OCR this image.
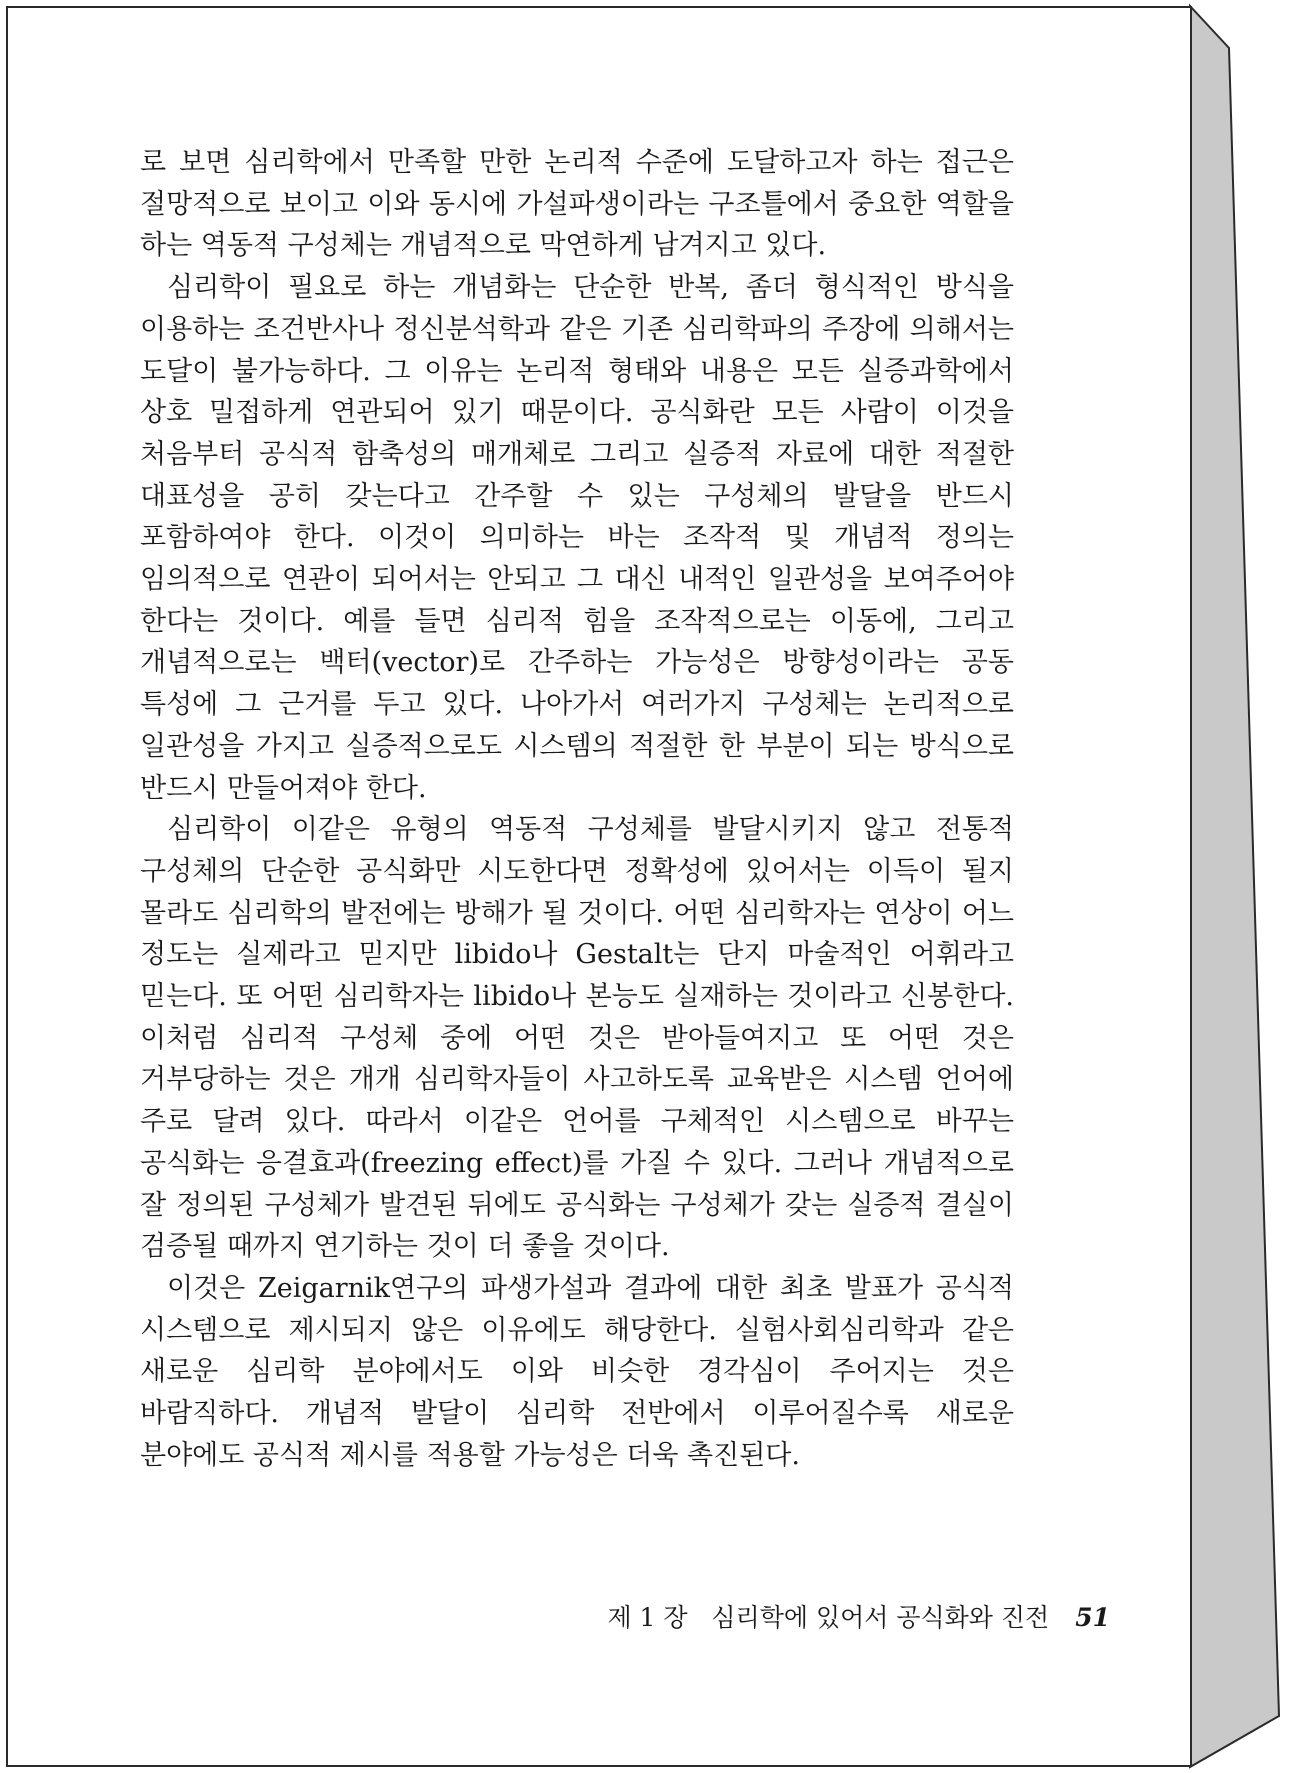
로 보면 심리학에서 만족할 만한 논리적 수준에 도달하고자 하는 접근은 절망적으로 보이고 이와 동시에 가설파생이라는 구조틀에서 중요한 역할을 하는 역동적 구성체는 개념적으로 막연하게 남겨지고 있다.

심리학이 필요로 하는 개념화는 단순한 반복, 좀더 형식적인 방식을 이용하는 조건반사나 정신분석학과 같은 기존 심리학파의 주장에 의해서는 도달이 불가능하다. 그 이유는 논리적 형태와 내용은 모든 실증과학에서 상호 밀접하게 연관되어 있기 때문이다. 공식화란 모든 사람이 이것을 처음부터 공식적 함축성의 매개체로 그리고 실증적 자료에 대한 적절한 대표성을 공히 갖는다고 간주할 수 있는 구성체의 발달을 반드시 포함하여야 한다. 이것이 의미하는 바는 조작적 및 개념적 정의는 임의적으로 연관이 되어서는 안되고 그 대신 내적인 일관성을 보여주어야 한다는 것이다. 예를 들면 심리적 힘을 조작적으로는 이동에, 그리고 개념적으로는 백터(vector)로 간주하는 가능성은 방향성이라는 공동 특성에 그 근거를 두고 있다. 나아가서 여러가지 구성체는 논리적으로 일관성을 가지고 실증적으로도 시스템의 적절한 한 부분이 되는 방식으로 반드시 만들어져야 한다.

심리학이 이같은 유형의 역동적 구성체를 발달시키지 않고 전통적 구성체의 단순한 공식화만 시도한다면 정확성에 있어서는 이득이 될지 몰라도 심리학의 발전에는 방해가 될 것이다. 어떤 심리학자는 연상이 어느 정도는 실제라고 믿지만 libido나 Gestalt는 단지 마술적인 어휘라고 믿는다. 또 어떤 심리학자는 libido나 본능도 실재하는 것이라고 신봉한다. 이처럼 심리적 구성체 중에 어떤 것은 받아들여지고 또 어떤 것은 거부당하는 것은 개개 심리학자들이 사고하도록 교육받은 시스템 언어에 주로 달려 있다. 따라서 이같은 언어를 구체적인 시스템으로 바꾸는 공식화는 응결효과(freezing effect)를 가질 수 있다. 그러나 개념적으로 잘 정의된 구성체가 발견된 뒤에도 공식화는 구성체가 갖는 실증적 결실이 검증될 때까지 연기하는 것이 더 좋을 것이다.

이것은 Zeigarnik연구의 파생가설과 결과에 대한 최초 발표가 공식적 시스템으로 제시되지 않은 이유에도 해당한다. 실험사회심리학과 같은 새로운 심리학 분야에서도 이와 비슷한 경각심이 주어지는 것은 바람직하다. 개념적 발달이 심리학 전반에서 이루어질수록 새로운 분야에도 공식적 제시를 적용할 가능성은 더욱 촉진된다.

제 1 장 심리학에 있어서 공식화와 진전 51
